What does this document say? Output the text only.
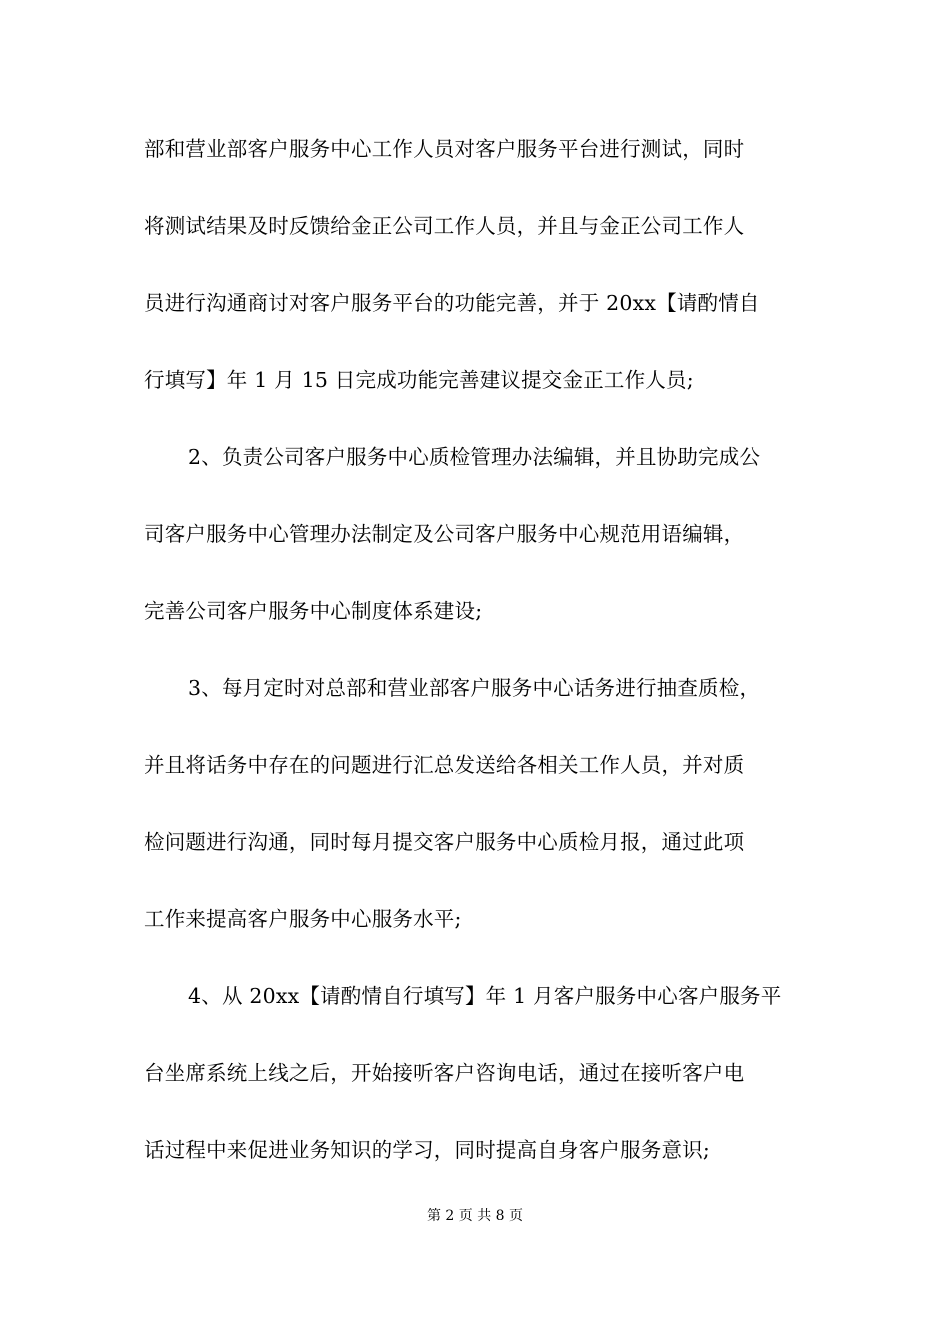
部和营业部客户服务中心工作人员对客户服务平台进行测试，同时
将测试结果及时反馈给金正公司工作人员，并且与金正公司工作人
员进行沟通商讨对客户服务平台的功能完善，并于 20xx【请酌情自
行填写】年 1 月 15 日完成功能完善建议提交金正工作人员;
2、负责公司客户服务中心质检管理办法编辑，并且协助完成公
司客户服务中心管理办法制定及公司客户服务中心规范用语编辑，
完善公司客户服务中心制度体系建设;
3、每月定时对总部和营业部客户服务中心话务进行抽查质检，
并且将话务中存在的问题进行汇总发送给各相关工作人员，并对质
检问题进行沟通，同时每月提交客户服务中心质检月报，通过此项
工作来提高客户服务中心服务水平;
4、从 20xx【请酌情自行填写】年 1 月客户服务中心客户服务平
台坐席系统上线之后，开始接听客户咨询电话，通过在接听客户电
话过程中来促进业务知识的学习，同时提高自身客户服务意识;
第 2 页 共 8 页
